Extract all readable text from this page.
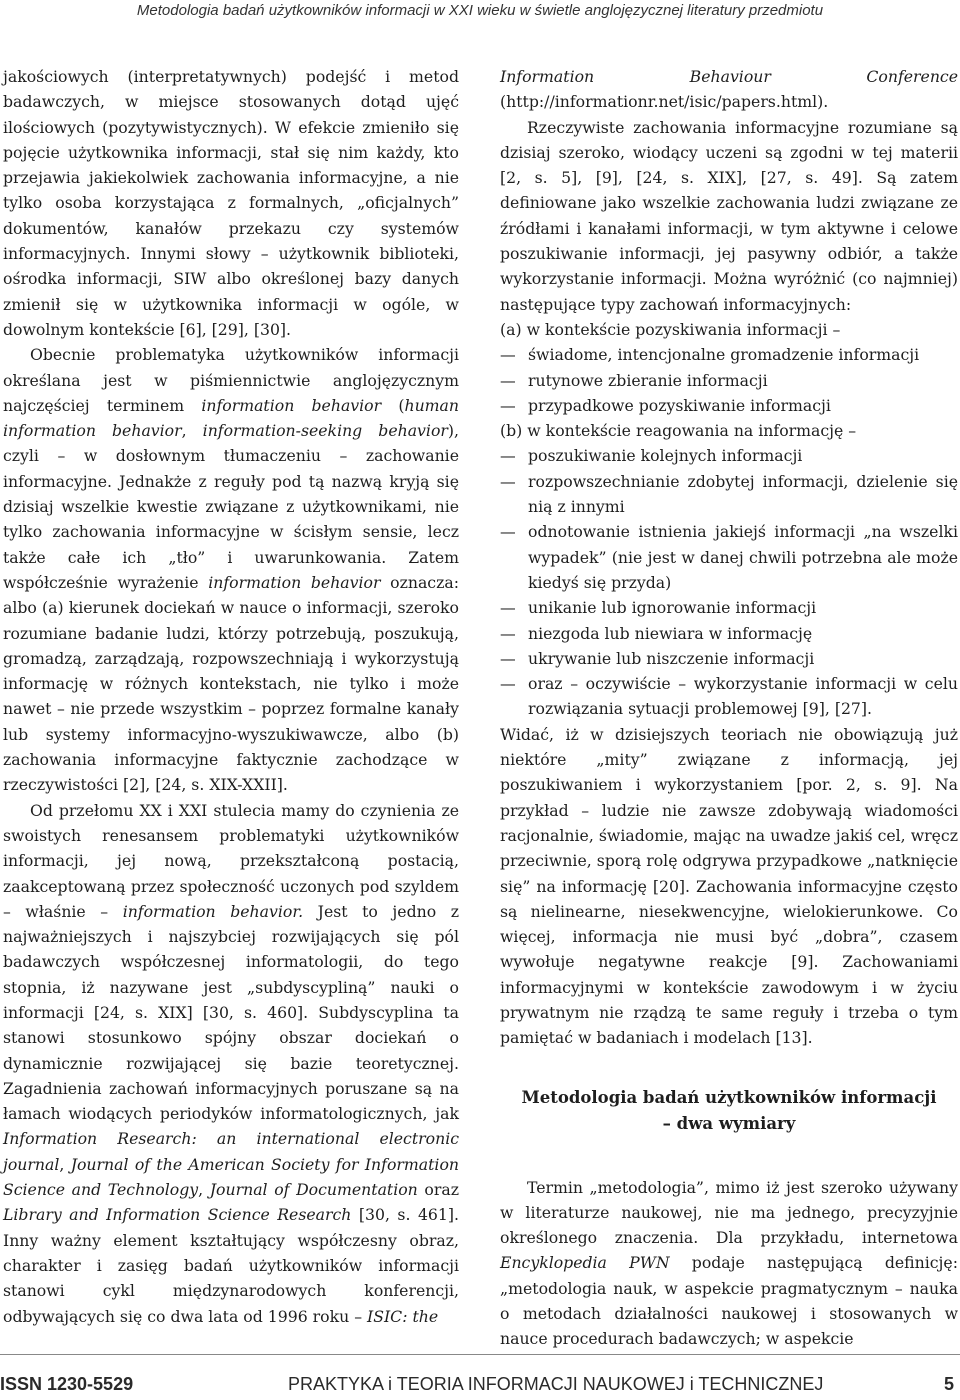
Metodologia badań użytkowników informacji w XXI wieku w świetle anglojęzycznej literatury przedmiotu

jakościowych (interpretatywnych) podejść i metod badawczych, w miejsce stosowanych dotąd ujęć ilościowych (pozytywistycznych). W efekcie zmieniło się pojęcie użytkownika informacji, stał się nim każdy, kto przejawia jakiekolwiek zachowania informacyjne, a nie tylko osoba korzystająca z formalnych, „oficjalnych” dokumentów, kanałów przekazu czy systemów informacyjnych. Innymi słowy – użytkownik biblioteki, ośrodka informacji, SIW albo określonej bazy danych zmienił się w użytkownika informacji w ogóle, w dowolnym kontekście [6], [29], [30].

Obecnie problematyka użytkowników informacji określana jest w piśmiennictwie anglojęzycznym najczęściej terminem information behavior (human information behavior, information-seeking behavior), czyli – w dosłownym tłumaczeniu – zachowanie informacyjne. Jednakże z reguły pod tą nazwą kryją się dzisiaj wszelkie kwestie związane z użytkownikami, nie tylko zachowania informacyjne w ścisłym sensie, lecz także całe ich „tło” i uwarunkowania. Zatem współcześnie wyrażenie information behavior oznacza: albo (a) kierunek dociekań w nauce o informacji, szeroko rozumiane badanie ludzi, którzy potrzebują, poszukują, gromadzą, zarządzają, rozpowszechniają i wykorzystują informację w różnych kontekstach, nie tylko i może nawet – nie przede wszystkim – poprzez formalne kanały lub systemy informacyjno-wyszukiwawcze, albo (b) zachowania informacyjne faktycznie zachodzące w rzeczywistości [2], [24, s. XIX-XXII].

Od przełomu XX i XXI stulecia mamy do czynienia ze swoistych renesansem problematyki użytkowników informacji, jej nową, przekształconą postacią, zaakceptowaną przez społeczność uczonych pod szyldem – właśnie – information behavior. Jest to jedno z najważniejszych i najszybciej rozwijających się pól badawczych współczesnej informatologii, do tego stopnia, iż nazywane jest „subdyscypliną” nauki o informacji [24, s. XIX] [30, s. 460]. Subdyscyplina ta stanowi stosunkowo spójny obszar dociekań o dynamicznie rozwijającej się bazie teoretycznej. Zagadnienia zachowań informacyjnych poruszane są na łamach wiodących periodyków informatologicznych, jak Information Research: an international electronic journal, Journal of the American Society for Information Science and Technology, Journal of Documentation oraz Library and Information Science Research [30, s. 461]. Inny ważny element kształtujący współczesny obraz, charakter i zasięg badań użytkowników informacji stanowi cykl międzynarodowych konferencji, odbywających się co dwa lata od 1996 roku – ISIC: the

Information Behaviour Conference (http://informationr.net/isic/papers.html).

Rzeczywiste zachowania informacyjne rozumiane są dzisiaj szeroko, wiodący uczeni są zgodni w tej materii [2, s. 5], [9], [24, s. XIX], [27, s. 49]. Są zatem definiowane jako wszelkie zachowania ludzi związane ze źródłami i kanałami informacji, w tym aktywne i celowe poszukiwanie informacji, jej pasywny odbiór, a także wykorzystanie informacji. Można wyróżnić (co najmniej) następujące typy zachowań informacyjnych:

(a) w kontekście pozyskiwania informacji –

— świadome, intencjonalne gromadzenie informacji
— rutynowe zbieranie informacji
— przypadkowe pozyskiwanie informacji

(b) w kontekście reagowania na informację –

— poszukiwanie kolejnych informacji
— rozpowszechnianie zdobytej informacji, dzielenie się nią z innymi
— odnotowanie istnienia jakiejś informacji „na wszelki wypadek” (nie jest w danej chwili potrzebna ale może kiedyś się przyda)
— unikanie lub ignorowanie informacji
— niezgoda lub niewiara w informację
— ukrywanie lub niszczenie informacji
— oraz – oczywiście – wykorzystanie informacji w celu rozwiązania sytuacji problemowej [9], [27].

Widać, iż w dzisiejszych teoriach nie obowiązują już niektóre „mity” związane z informacją, jej poszukiwaniem i wykorzystaniem [por. 2, s. 9]. Na przykład – ludzie nie zawsze zdobywają wiadomości racjonalnie, świadomie, mając na uwadze jakiś cel, wręcz przeciwnie, sporą rolę odgrywa przypadkowe „natknięcie się” na informację [20]. Zachowania informacyjne często są nielinearne, niesekwencyjne, wielokierunkowe. Co więcej, informacja nie musi być „dobra”, czasem wywołuje negatywne reakcje [9]. Zachowaniami informacyjnymi w kontekście zawodowym i w życiu prywatnym nie rządzą te same reguły i trzeba o tym pamiętać w badaniach i modelach [13].

Metodologia badań użytkowników informacji
– dwa wymiary

Termin „metodologia”, mimo iż jest szeroko używany w literaturze naukowej, nie ma jednego, precyzyjnie określonego znaczenia. Dla przykładu, internetowa Encyklopedia PWN podaje następującą definicję: „metodologia nauk, w aspekcie pragmatycznym – nauka o metodach działalności naukowej i stosowanych w nauce procedurach badawczych; w aspekcie

ISSN 1230-5529	PRAKTYKA i TEORIA INFORMACJI NAUKOWEJ i TECHNICZNEJ	5
